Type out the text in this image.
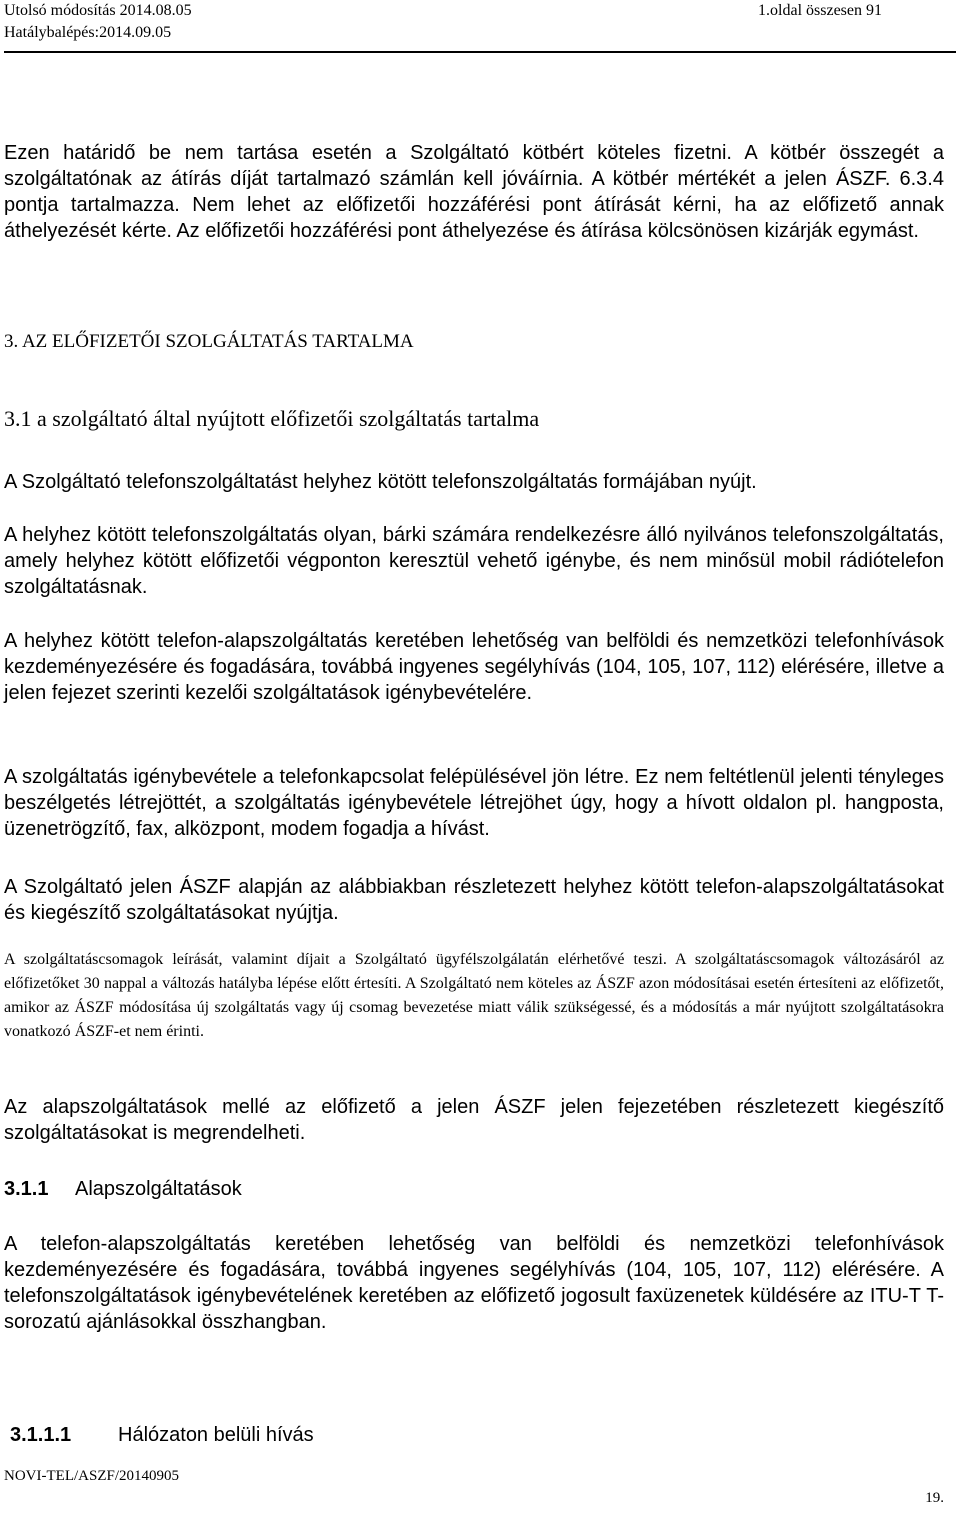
Utolsó módosítás 2014.08.05
Hatálybalépés:2014.09.05
1.oldal összesen 91
Ezen határidő be nem tartása esetén a Szolgáltató kötbért köteles fizetni. A kötbér összegét a szolgáltatónak az átírás díját tartalmazó számlán kell jóváírnia. A kötbér mértékét a jelen ÁSZF. 6.3.4 pontja tartalmazza. Nem lehet az előfizetői hozzáférési pont átírását kérni, ha az előfizető annak áthelyezését kérte. Az előfizetői hozzáférési pont áthelyezése és átírása kölcsönösen kizárják egymást.
3. AZ ELŐFIZETŐI SZOLGÁLTATÁS TARTALMA
3.1 a szolgáltató által nyújtott előfizetői szolgáltatás tartalma
A Szolgáltató telefonszolgáltatást helyhez kötött telefonszolgáltatás formájában nyújt.
A helyhez kötött telefonszolgáltatás olyan, bárki számára rendelkezésre álló nyilvános telefonszolgáltatás, amely helyhez kötött előfizetői végponton keresztül vehető igénybe, és nem minősül mobil rádiótelefon szolgáltatásnak.
A helyhez kötött telefon-alapszolgáltatás keretében lehetőség van belföldi és nemzetközi telefonhívások kezdeményezésére és fogadására, továbbá ingyenes segélyhívás (104, 105, 107, 112) elérésére, illetve a jelen fejezet szerinti kezelői szolgáltatások igénybevételére.
A szolgáltatás igénybevétele a telefonkapcsolat felépülésével jön létre. Ez nem feltétlenül jelenti tényleges beszélgetés létrejöttét, a szolgáltatás igénybevétele létrejöhet úgy, hogy a hívott oldalon pl. hangposta, üzenetrögzítő, fax, alközpont, modem fogadja a hívást.
A Szolgáltató jelen ÁSZF alapján az alábbiakban részletezett helyhez kötött telefon-alapszolgáltatásokat és kiegészítő szolgáltatásokat nyújtja.
A szolgáltatáscsomagok leírását, valamint díjait a Szolgáltató ügyfélszolgálatán elérhetővé teszi. A szolgáltatáscsomagok változásáról az előfizetőket 30 nappal a változás hatályba lépése előtt értesíti. A Szolgáltató nem köteles az ÁSZF azon módosításai esetén értesíteni az előfizetőt, amikor az ÁSZF módosítása új szolgáltatás vagy új csomag bevezetése miatt válik szükségessé, és a módosítás a már nyújtott szolgáltatásokra vonatkozó ÁSZF-et nem érinti.
Az alapszolgáltatások mellé az előfizető a jelen ÁSZF jelen fejezetében részletezett kiegészítő szolgáltatásokat is megrendelheti.
3.1.1 Alapszolgáltatások
A telefon-alapszolgáltatás keretében lehetőség van belföldi és nemzetközi telefonhívások kezdeményezésére és fogadására, továbbá ingyenes segélyhívás (104, 105, 107, 112) elérésére. A telefonszolgáltatások igénybevételének keretében az előfizető jogosult faxüzenetek küldésére az ITU-T T-sorozatú ajánlásokkal összhangban.
3.1.1.1 Hálózaton belüli hívás
NOVI-TEL/ASZF/20140905
19.
